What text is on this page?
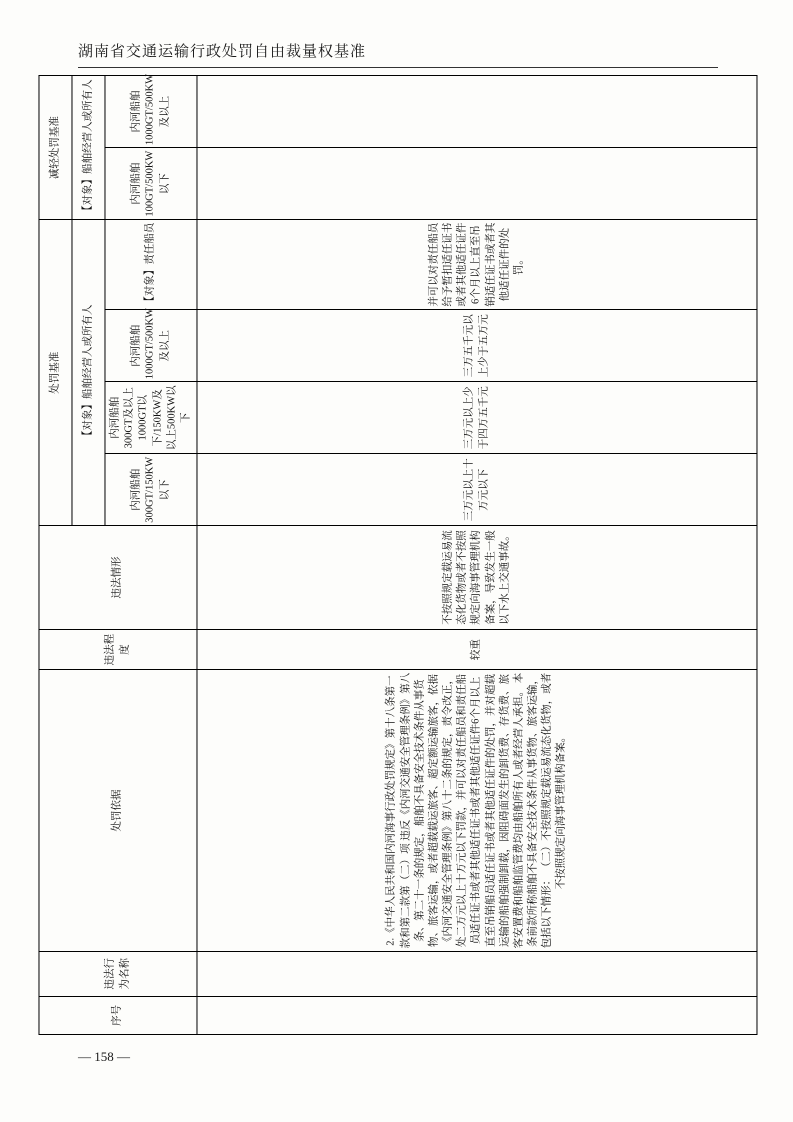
湖南省交通运输行政处罚自由裁量权基准
序号	违法行为名称	处罚依据	违法程度	违法情形	处罚基准				减轻处罚基准	
					【对象】船舶经营人或所有人				【对象】船舶经营人或所有人	
					内河船舶300GT/150KW以下	内河船舶300GT及以上1000GT以下/150KW及以上500KW以下	内河船舶1000GT/500KW及以上	【对象】责任船员	内河船舶100GT/500KW以下	内河船舶1000GT/500KW及以上

		2.《中华人民共和国内河海事行政处罚规定》第十八条第一款和第二款第（二）项 违反《内河交通安全管理条例》第八条、第二十一条的规定，船舶不具备安全技术条件从事货物、旅客运输，或者超载载运旅客、超定额运输旅客，依据《内河交通安全管理条例》第八十二条的规定，责令改正，处二万元以上十万元以下罚款，并可以对责任船员和责任船员适任证书或者其他适任证书或者其他适任证件6个月以上直至吊销船员适任证书或者其他适任证件的处罚，并对超载运输的船舶强制卸载，因阻碍面发生的卸货费、存货费、旅客安置费和船舶监管费均由船舶所有人或者经营人承担。 本条前款所称船舶不具备安全技术条件从事货物、旅客运输，包括以下情形： （二）不按照规定载运易流态化货物，或者不按照规定向海事管理机构备案。	较重	不按照规定载运易流态化货物或者不按照规定向海事管理机构备案，导致发生一般以下水上交通事故。	三万元以上十万元以下	三万元以上少于四万五千元	三万五千元以上少于五万元	并可以对责任船员给予暂扣适任证书或者其他适任证件6个月以上直至吊销适任证书或者其他适任证件的处罚。		
— 158 —
